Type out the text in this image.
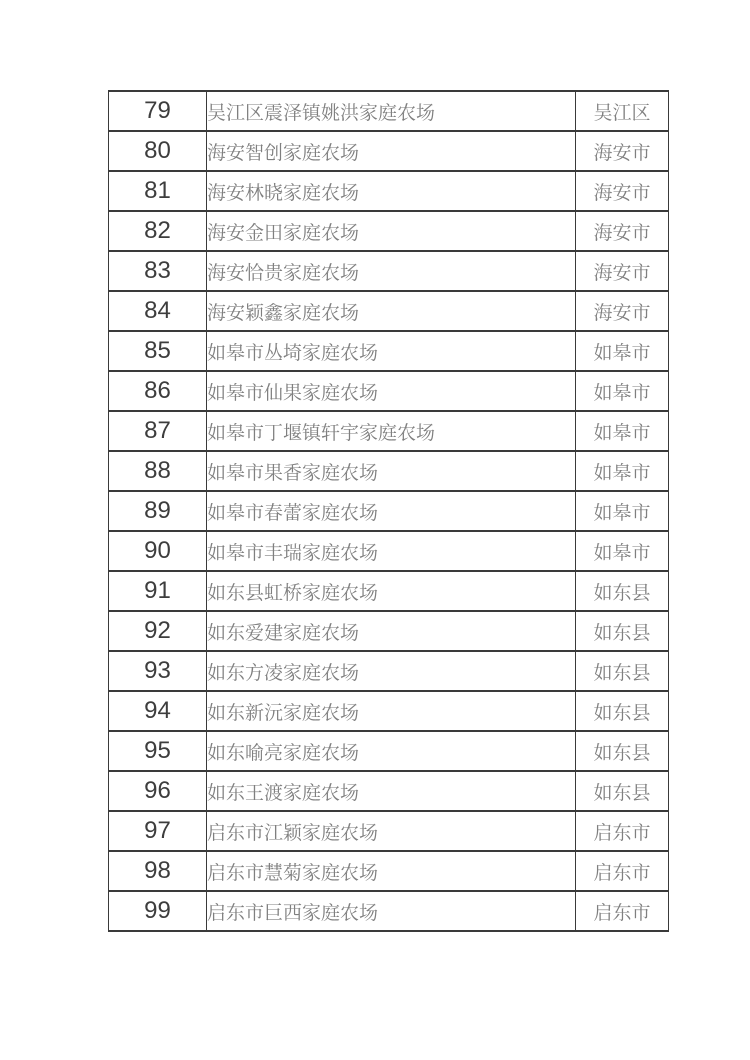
79	吴江区震泽镇姚洪家庭农场	吴江区
80	海安智创家庭农场	海安市
81	海安林晓家庭农场	海安市
82	海安金田家庭农场	海安市
83	海安恰贵家庭农场	海安市
84	海安颖鑫家庭农场	海安市
85	如皋市丛埼家庭农场	如皋市
86	如皋市仙果家庭农场	如皋市
87	如皋市丁堰镇轩宇家庭农场	如皋市
88	如皋市果香家庭农场	如皋市
89	如皋市春蕾家庭农场	如皋市
90	如皋市丰瑞家庭农场	如皋市
91	如东县虹桥家庭农场	如东县
92	如东爱建家庭农场	如东县
93	如东方凌家庭农场	如东县
94	如东新沅家庭农场	如东县
95	如东喻亮家庭农场	如东县
96	如东王渡家庭农场	如东县
97	启东市江颖家庭农场	启东市
98	启东市慧菊家庭农场	启东市
99	启东市巨西家庭农场	启东市
